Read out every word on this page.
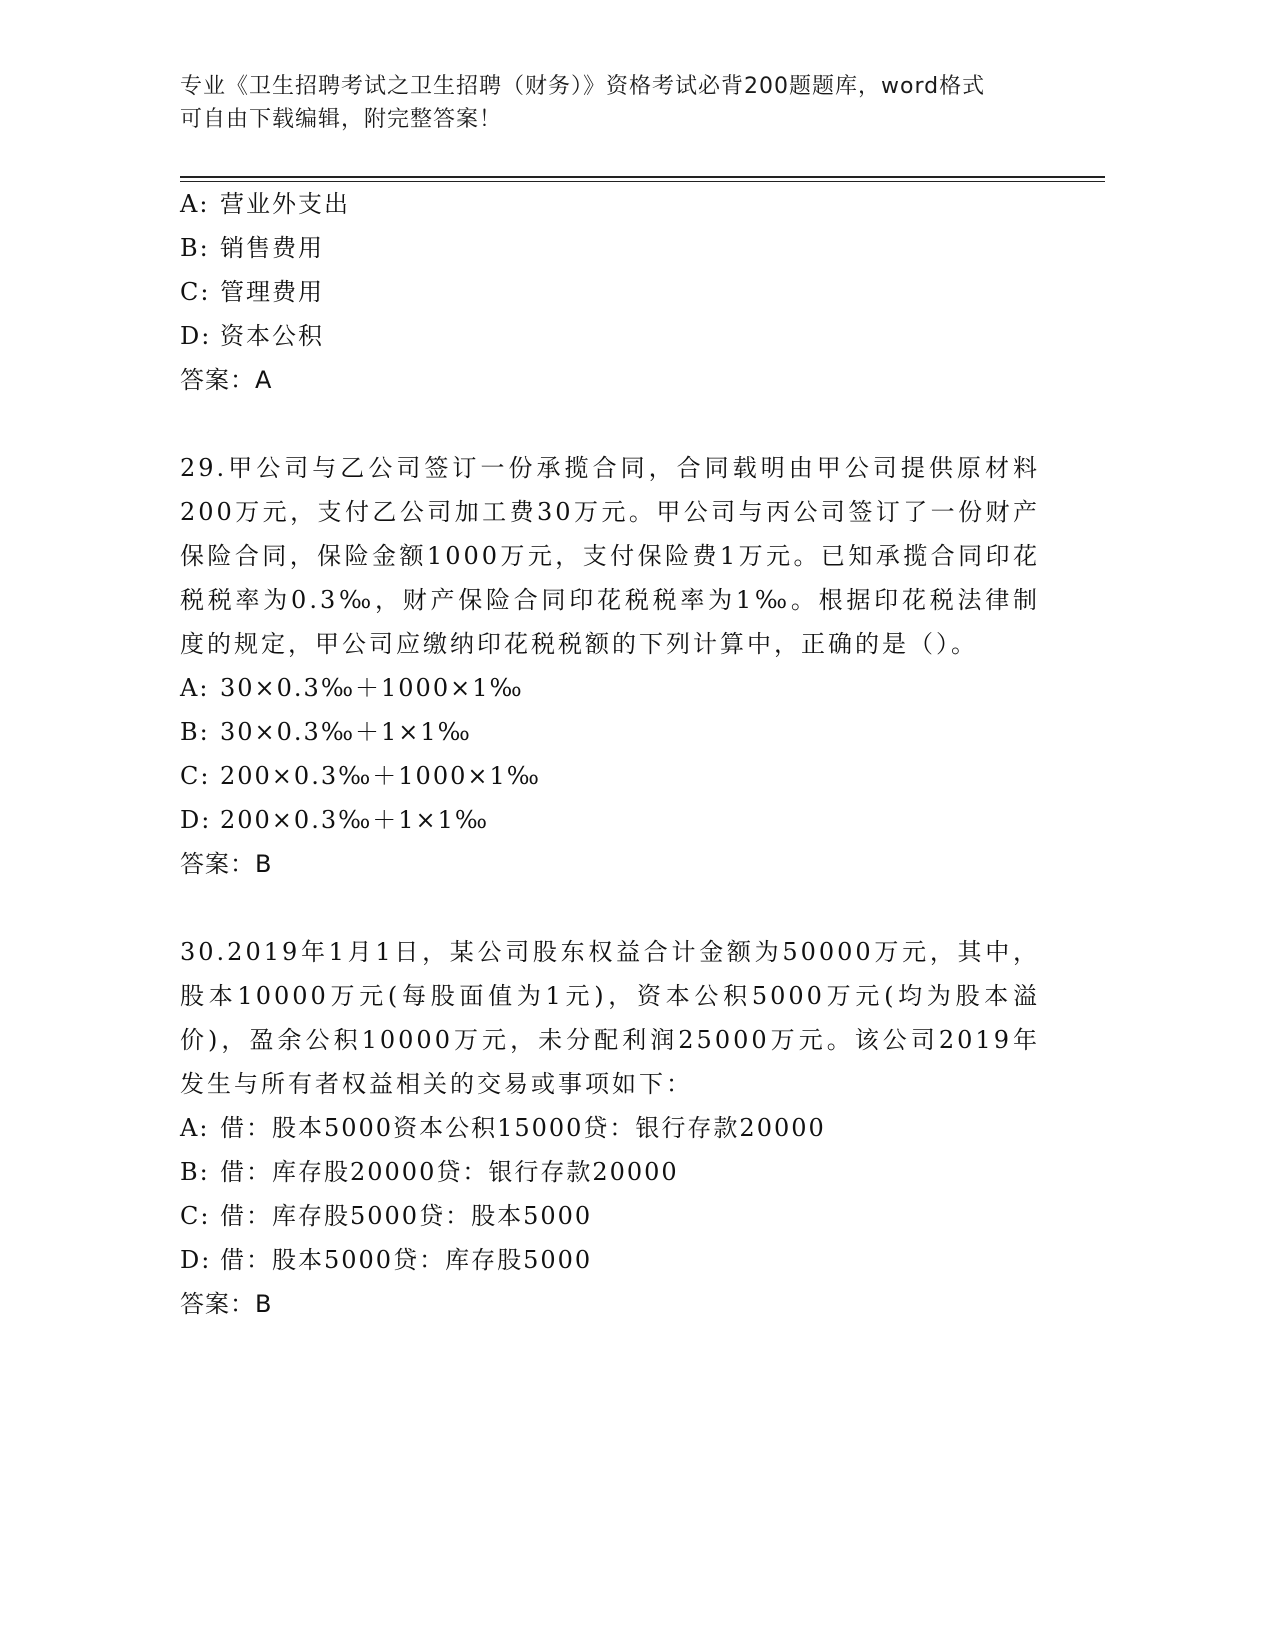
专业《卫生招聘考试之卫生招聘（财务）》资格考试必背200题题库，word格式
可自由下载编辑，附完整答案！
A: 营业外支出
B: 销售费用
C: 管理费用
D: 资本公积
答案：A
29.甲公司与乙公司签订一份承揽合同，合同载明由甲公司提供原材料200万元，支付乙公司加工费30万元。甲公司与丙公司签订了一份财产保险合同，保险金额1000万元，支付保险费1万元。已知承揽合同印花税税率为0.3‰，财产保险合同印花税税率为1‰。根据印花税法律制度的规定，甲公司应缴纳印花税税额的下列计算中，正确的是（）。
A: 30×0.3‰＋1000×1‰
B: 30×0.3‰＋1×1‰
C: 200×0.3‰＋1000×1‰
D: 200×0.3‰＋1×1‰
答案：B
30.2019年1月1日，某公司股东权益合计金额为50000万元，其中，股本10000万元(每股面值为1元)，资本公积5000万元(均为股本溢价)，盈余公积10000万元，未分配利润25000万元。该公司2019年发生与所有者权益相关的交易或事项如下：
A: 借：股本5000资本公积15000贷：银行存款20000
B: 借：库存股20000贷：银行存款20000
C: 借：库存股5000贷：股本5000
D: 借：股本5000贷：库存股5000
答案：B
